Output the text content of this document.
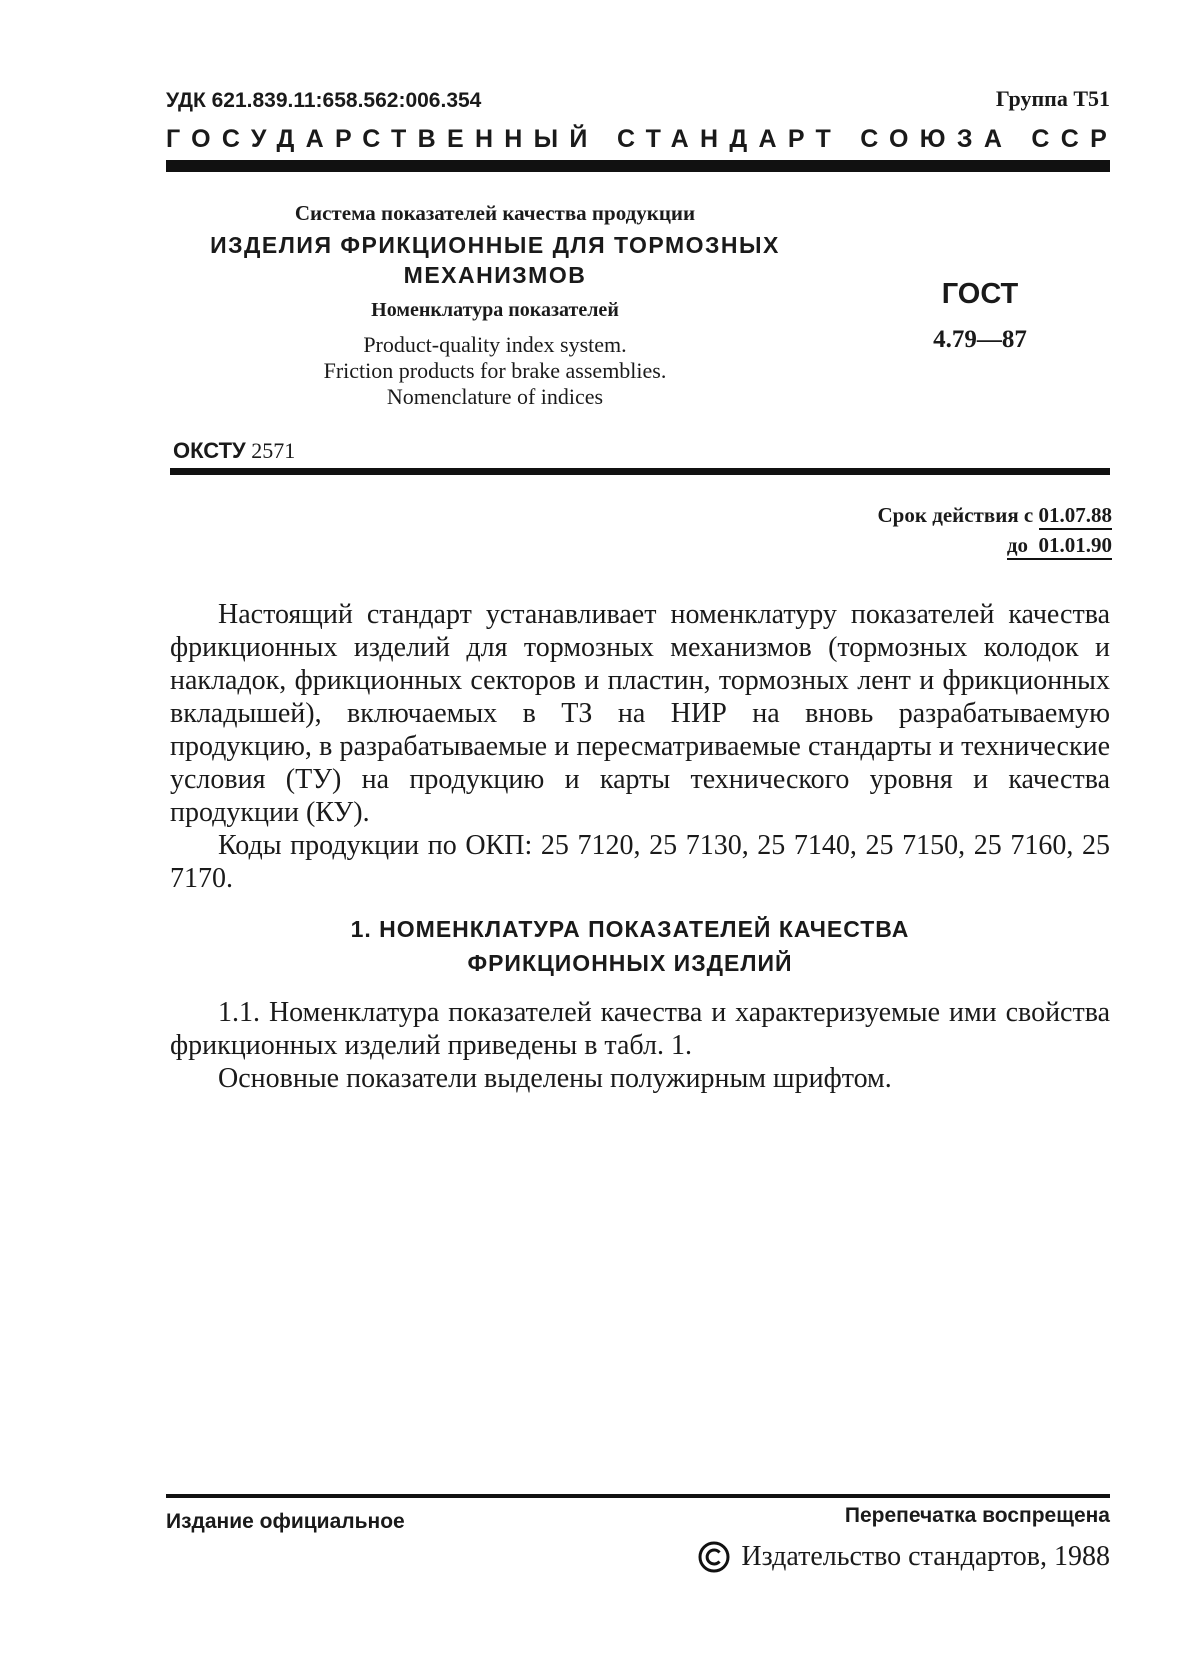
УДК 621.839.11:658.562:006.354	Группа Т51
ГОСУДАРСТВЕННЫЙ СТАНДАРТ СОЮЗА ССР
Система показателей качества продукции
ИЗДЕЛИЯ ФРИКЦИОННЫЕ ДЛЯ ТОРМОЗНЫХ
МЕХАНИЗМОВ
Номенклатура показателей
Product-quality index system.
Friction products for brake assemblies.
Nomenclature of indices
ГОСТ
4.79—87
ОКСТУ 2571
Срок действия с 01.07.88
до 01.01.90

Настоящий стандарт устанавливает номенклатуру показателей качества фрикционных изделий для тормозных механизмов (тормозных колодок и накладок, фрикционных секторов и пластин, тормозных лент и фрикционных вкладышей), включаемых в ТЗ на НИР на вновь разрабатываемую продукцию, в разрабатываемые и пересматриваемые стандарты и технические условия (ТУ) на продукцию и карты технического уровня и качества продукции (КУ).

Коды продукции по ОКП: 25 7120, 25 7130, 25 7140, 25 7150, 25 7160, 25 7170.

1. НОМЕНКЛАТУРА ПОКАЗАТЕЛЕЙ КАЧЕСТВА
ФРИКЦИОННЫХ ИЗДЕЛИЙ

1.1. Номенклатура показателей качества и характеризуемые ими свойства фрикционных изделий приведены в табл. 1.

Основные показатели выделены полужирным шрифтом.

Издание официальное	Перепечатка воспрещена
Издательство стандартов, 1988
